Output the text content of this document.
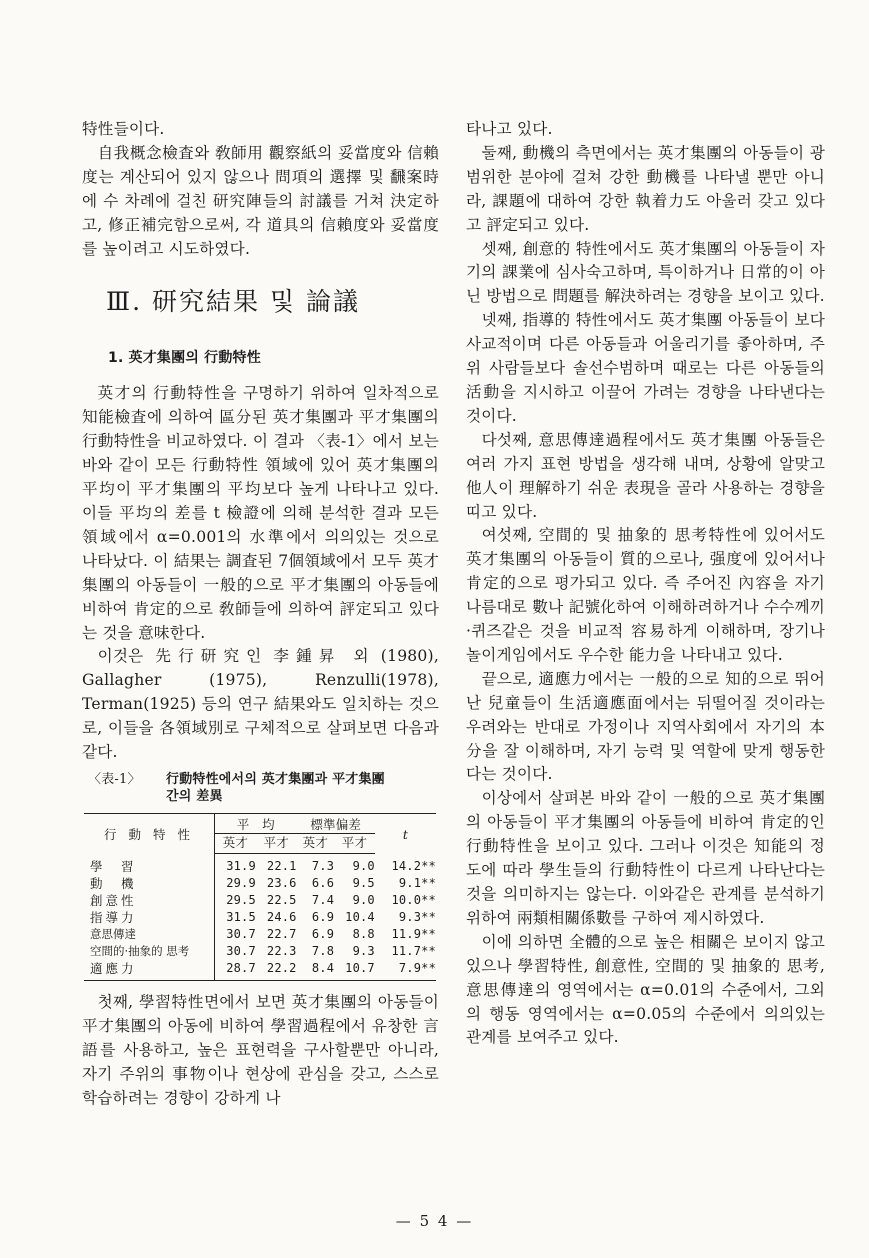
特性들이다.

自我概念檢査와 敎師用 觀察紙의 妥當度와 信賴度는 계산되어 있지 않으나 問項의 選擇 및 飜案時에 수 차례에 걸친 研究陣들의 討議를 거쳐 決定하고, 修正補完함으로써, 각 道具의 信賴度와 妥當度를 높이려고 시도하였다.

Ⅲ. 研究結果 및 論議
1. 英才集團의 行動特性

英才의 行動特性을 구명하기 위하여 일차적으로 知能檢査에 의하여 區分된 英才集團과 平才集團의 行動特性을 비교하였다. 이 결과 〈表-1〉에서 보는 바와 같이 모든 行動特性 領域에 있어 英才集團의 平均이 平才集團의 平均보다 높게 나타나고 있다. 이들 平均의 差를 t 檢證에 의해 분석한 결과 모든 領域에서 α=0.001의 水準에서 의의있는 것으로 나타났다. 이 結果는 調査된 7個領域에서 모두 英才集團의 아동들이 一般的으로 平才集團의 아동들에 비하여 肯定的으로 敎師들에 의하여 評定되고 있다는 것을 意味한다.

이것은 先行研究인 李鍾昇 외 (1980), Gallagher (1975), Renzulli(1978), Terman(1925) 등의 연구 結果와도 일치하는 것으로, 이들을 各領域別로 구체적으로 살펴보면 다음과 같다.

〈表-1〉	行動特性에서의 英才集團과 平才集團
간의 差異
行 動 特 性	平　均		標準偏差		t
	英才	平才	英才	平才	
學　習	31.9	22.1	7.3	9.0	14.2**
動　機	29.9	23.6	6.6	9.5	9.1**
創意性	29.5	22.5	7.4	9.0	10.0**
指導力	31.5	24.6	6.9	10.4	9.3**
意思傳達	30.7	22.7	6.9	8.8	11.9**
空間的·抽象的 思考	30.7	22.3	7.8	9.3	11.7**
適應力	28.7	22.2	8.4	10.7	7.9**

첫째, 學習特性면에서 보면 英才集團의 아동들이 平才集團의 아동에 비하여 學習過程에서 유창한 言語를 사용하고, 높은 표현력을 구사할뿐만 아니라, 자기 주위의 事物이나 현상에 관심을 갖고, 스스로 학습하려는 경향이 강하게 나

타나고 있다.

둘째, 動機의 측면에서는 英才集團의 아동들이 광범위한 분야에 걸쳐 강한 動機를 나타낼 뿐만 아니라, 課題에 대하여 강한 執着力도 아울러 갖고 있다고 評定되고 있다.

셋째, 創意的 特性에서도 英才集團의 아동들이 자기의 課業에 심사숙고하며, 특이하거나 日常的이 아닌 방법으로 問題를 解決하려는 경향을 보이고 있다.

넷째, 指導的 特性에서도 英才集團 아동들이 보다 사교적이며 다른 아동들과 어울리기를 좋아하며, 주위 사람들보다 솔선수범하며 때로는 다른 아동들의 活動을 지시하고 이끌어 가려는 경향을 나타낸다는 것이다.

다섯째, 意思傳達過程에서도 英才集團 아동들은 여러 가지 표현 방법을 생각해 내며, 상황에 알맞고 他人이 理解하기 쉬운 表現을 골라 사용하는 경향을 띠고 있다.

여섯째, 空間的 및 抽象的 思考特性에 있어서도 英才集團의 아동들이 質的으로나, 强度에 있어서나 肯定的으로 평가되고 있다. 즉 주어진 內容을 자기 나름대로 數나 記號化하여 이해하려하거나 수수께끼·퀴즈같은 것을 비교적 容易하게 이해하며, 장기나 놀이게임에서도 우수한 能力을 나타내고 있다.

끝으로, 適應力에서는 一般的으로 知的으로 뛰어난 兒童들이 生活適應面에서는 뒤떨어질 것이라는 우려와는 반대로 가정이나 지역사회에서 자기의 本分을 잘 이해하며, 자기 능력 및 역할에 맞게 행동한다는 것이다.

이상에서 살펴본 바와 같이 一般的으로 英才集團의 아동들이 平才集團의 아동들에 비하여 肯定的인 行動特性을 보이고 있다. 그러나 이것은 知能의 정도에 따라 學生들의 行動特性이 다르게 나타난다는 것을 의미하지는 않는다. 이와같은 관계를 분석하기 위하여 兩類相關係數를 구하여 제시하였다.

이에 의하면 全體的으로 높은 相關은 보이지 않고 있으나 學習特性, 創意性, 空間的 및 抽象的 思考, 意思傳達의 영역에서는 α=0.01의 수준에서, 그외의 행동 영역에서는 α=0.05의 수준에서 의의있는 관계를 보여주고 있다.

— 5 4 —
